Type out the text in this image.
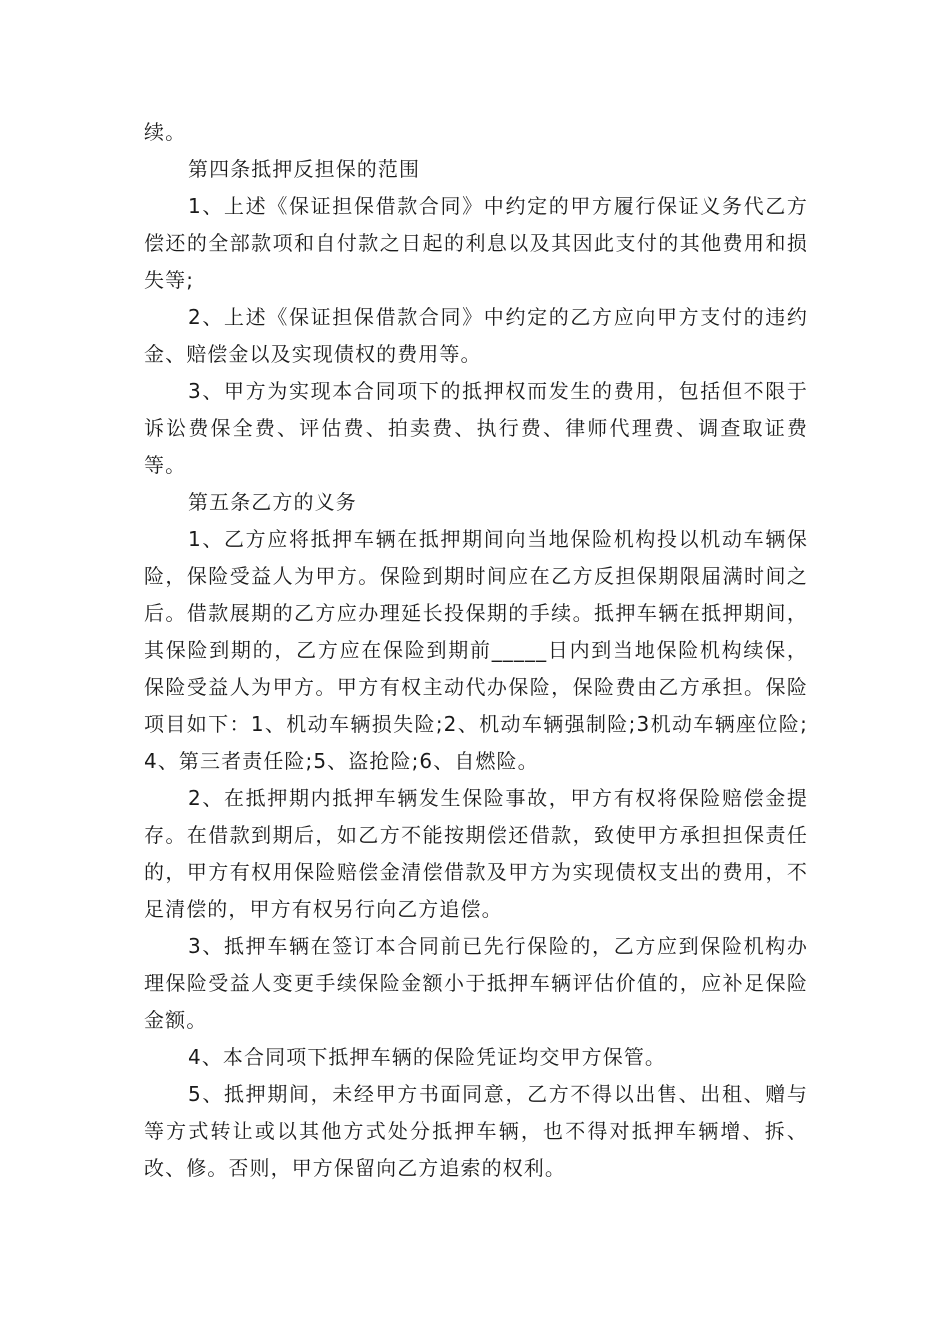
续。

第四条抵押反担保的范围

1、上述《保证担保借款合同》中约定的甲方履行保证义务代乙方偿还的全部款项和自付款之日起的利息以及其因此支付的其他费用和损失等;

2、上述《保证担保借款合同》中约定的乙方应向甲方支付的违约金、赔偿金以及实现债权的费用等。

3、甲方为实现本合同项下的抵押权而发生的费用，包括但不限于诉讼费保全费、评估费、拍卖费、执行费、律师代理费、调查取证费等。

第五条乙方的义务

1、乙方应将抵押车辆在抵押期间向当地保险机构投以机动车辆保险，保险受益人为甲方。保险到期时间应在乙方反担保期限届满时间之后。借款展期的乙方应办理延长投保期的手续。抵押车辆在抵押期间，其保险到期的，乙方应在保险到期前_____日内到当地保险机构续保，保险受益人为甲方。甲方有权主动代办保险，保险费由乙方承担。保险项目如下：1、机动车辆损失险;2、机动车辆强制险;3机动车辆座位险;4、第三者责任险;5、盗抢险;6、自燃险。

2、在抵押期内抵押车辆发生保险事故，甲方有权将保险赔偿金提存。在借款到期后，如乙方不能按期偿还借款，致使甲方承担担保责任的，甲方有权用保险赔偿金清偿借款及甲方为实现债权支出的费用，不足清偿的，甲方有权另行向乙方追偿。

3、抵押车辆在签订本合同前已先行保险的，乙方应到保险机构办理保险受益人变更手续保险金额小于抵押车辆评估价值的，应补足保险金额。

4、本合同项下抵押车辆的保险凭证均交甲方保管。

5、抵押期间，未经甲方书面同意，乙方不得以出售、出租、赠与等方式转让或以其他方式处分抵押车辆，也不得对抵押车辆增、拆、改、修。否则，甲方保留向乙方追索的权利。
